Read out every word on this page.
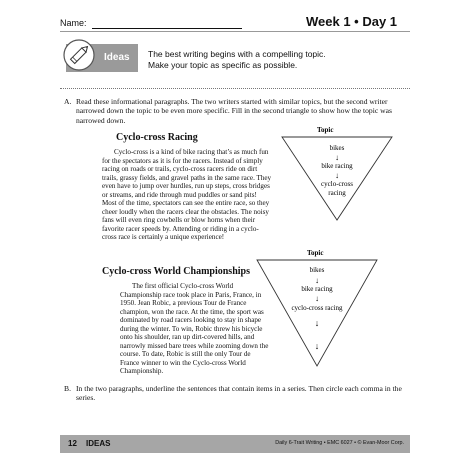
Name:	Week 1 • Day 1
Ideas The best writing begins with a compelling topic.
Make your topic as specific as possible.
A. Read these informational paragraphs. The two writers started with similar topics, but the second writer narrowed down the topic to be even more specific. Fill in the second triangle to show how the topic was narrowed down.
Cyclo-cross Racing
Cyclo-cross is a kind of bike racing that’s as much fun for the spectators as it is for the racers. Instead of simply racing on roads or trails, cyclo-cross racers ride on dirt trails, grassy fields, and gravel paths in the same race. They even have to jump over hurdles, run up steps, cross bridges or streams, and ride through mud puddles or sand pits! Most of the time, spectators can see the entire race, so they cheer loudly when the racers clear the obstacles. The noisy fans will even ring cowbells or blow horns when their favorite racer speeds by. Attending or riding in a cyclo-cross race is certainly a unique experience!
Topic
bikes
↓
bike racing
↓
cyclo-cross
racing
Topic
bikes
↓
bike racing
↓
cyclo-cross racing
↓
↓
Cyclo-cross World Championships
The first official Cyclo-cross World Championship race took place in Paris, France, in 1950. Jean Robic, a previous Tour de France champion, won the race. At the time, the sport was dominated by road racers looking to stay in shape during the winter. To win, Robic threw his bicycle onto his shoulder, ran up dirt-covered hills, and narrowly missed bare trees while zooming down the course. To date, Robic is still the only Tour de France winner to win the Cyclo-cross World Championship.
B. In the two paragraphs, underline the sentences that contain items in a series. Then circle each comma in the series.
12 IDEAS	Daily 6-Trait Writing • EMC 6027 • © Evan-Moor Corp.
